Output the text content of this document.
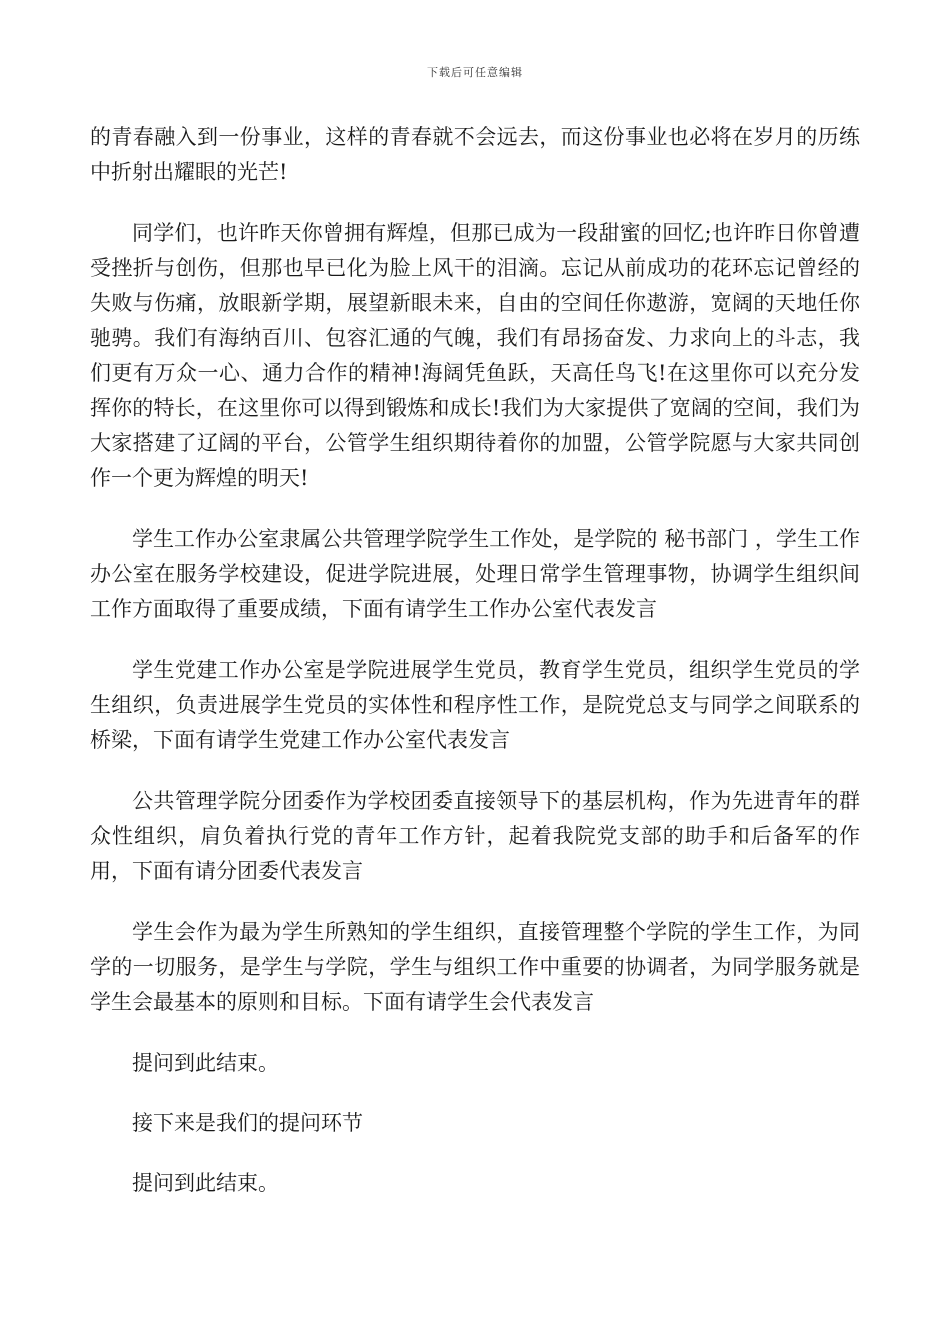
下载后可任意编辑

的青春融入到一份事业，这样的青春就不会远去，而这份事业也必将在岁月的历练中折射出耀眼的光芒!

同学们，也许昨天你曾拥有辉煌，但那已成为一段甜蜜的回忆;也许昨日你曾遭受挫折与创伤，但那也早已化为脸上风干的泪滴。忘记从前成功的花环忘记曾经的失败与伤痛，放眼新学期，展望新眼未来，自由的空间任你遨游，宽阔的天地任你驰骋。我们有海纳百川、包容汇通的气魄，我们有昂扬奋发、力求向上的斗志，我们更有万众一心、通力合作的精神!海阔凭鱼跃，天高任鸟飞!在这里你可以充分发挥你的特长，在这里你可以得到锻炼和成长!我们为大家提供了宽阔的空间，我们为大家搭建了辽阔的平台，公管学生组织期待着你的加盟，公管学院愿与大家共同创作一个更为辉煌的明天!

学生工作办公室隶属公共管理学院学生工作处，是学院的 秘书部门 ，学生工作办公室在服务学校建设，促进学院进展，处理日常学生管理事物，协调学生组织间工作方面取得了重要成绩，下面有请学生工作办公室代表发言

学生党建工作办公室是学院进展学生党员，教育学生党员，组织学生党员的学生组织，负责进展学生党员的实体性和程序性工作，是院党总支与同学之间联系的桥梁，下面有请学生党建工作办公室代表发言

公共管理学院分团委作为学校团委直接领导下的基层机构，作为先进青年的群众性组织，肩负着执行党的青年工作方针，起着我院党支部的助手和后备军的作用，下面有请分团委代表发言

学生会作为最为学生所熟知的学生组织，直接管理整个学院的学生工作，为同学的一切服务，是学生与学院，学生与组织工作中重要的协调者，为同学服务就是学生会最基本的原则和目标。下面有请学生会代表发言

提问到此结束。

接下来是我们的提问环节

提问到此结束。
